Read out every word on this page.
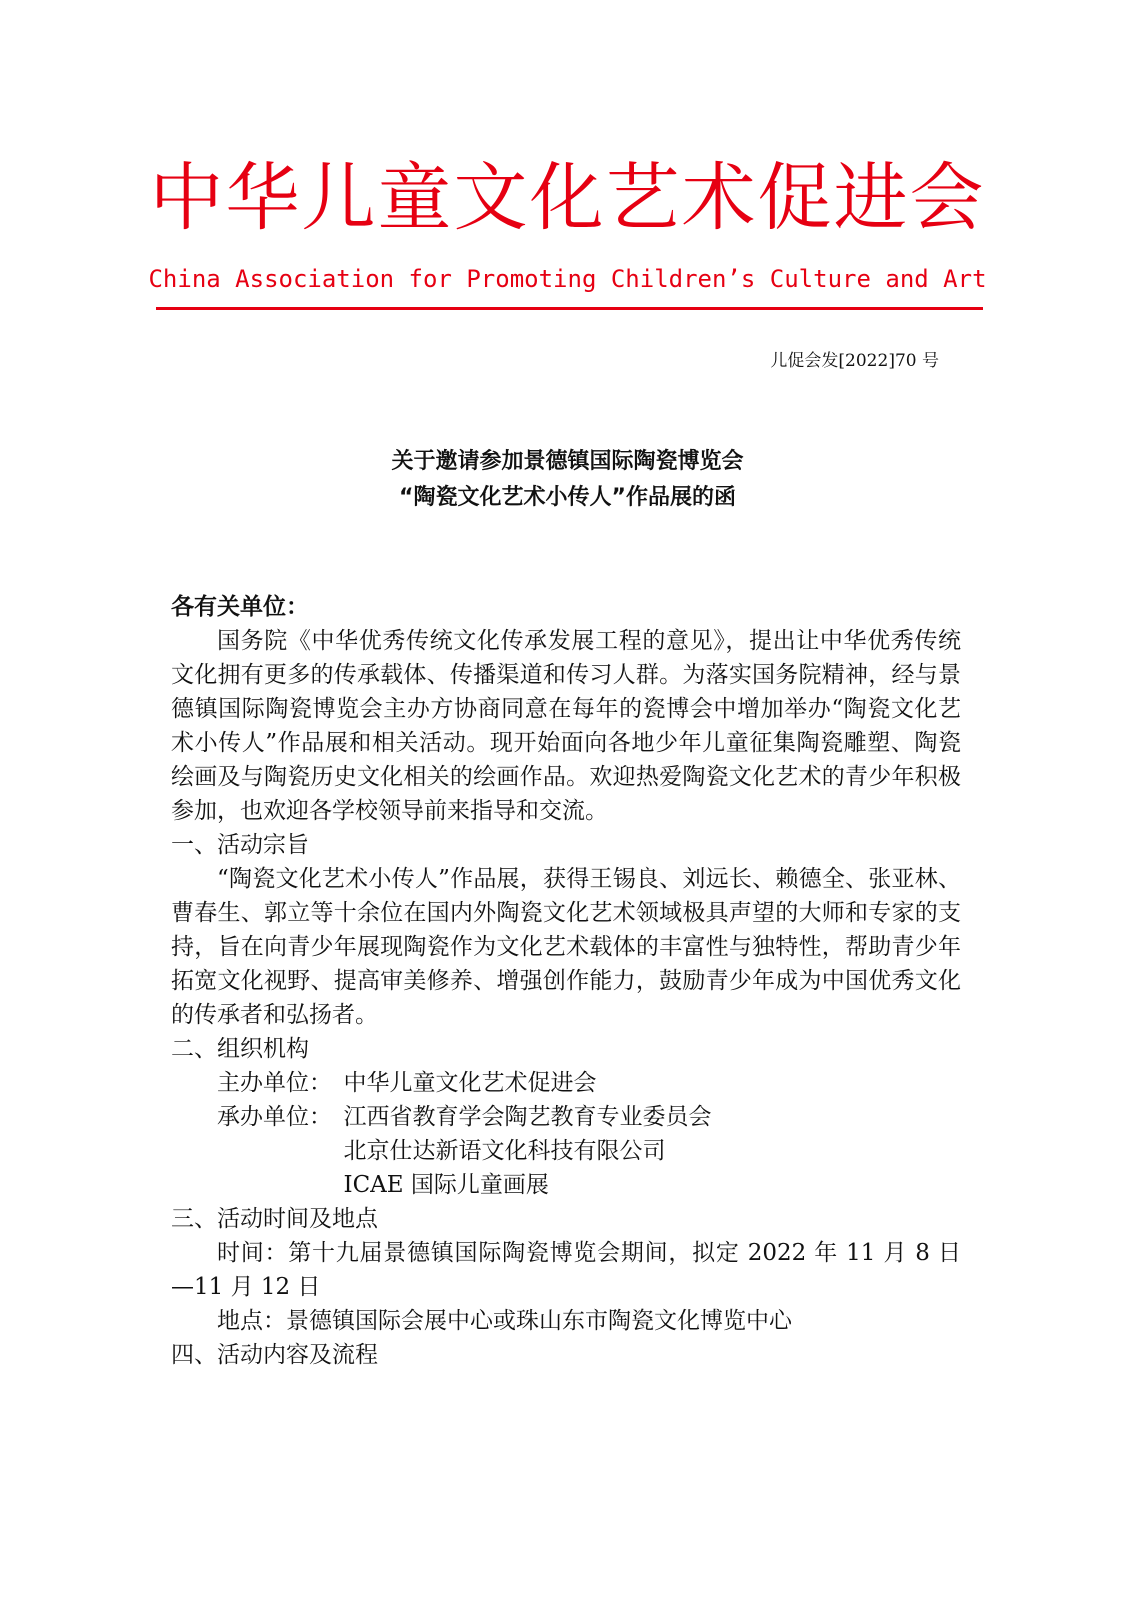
中华儿童文化艺术促进会
China Association for Promoting Children’s Culture and Art
儿促会发[2022]70 号
关于邀请参加景德镇国际陶瓷博览会
“陶瓷文化艺术小传人”作品展的函

各有关单位：

国务院《中华优秀传统文化传承发展工程的意见》，提出让中华优秀传统文化拥有更多的传承载体、传播渠道和传习人群。为落实国务院精神，经与景德镇国际陶瓷博览会主办方协商同意在每年的瓷博会中增加举办“陶瓷文化艺术小传人”作品展和相关活动。现开始面向各地少年儿童征集陶瓷雕塑、陶瓷绘画及与陶瓷历史文化相关的绘画作品。欢迎热爱陶瓷文化艺术的青少年积极参加，也欢迎各学校领导前来指导和交流。

一、活动宗旨

“陶瓷文化艺术小传人”作品展，获得王锡良、刘远长、赖德全、张亚林、曹春生、郭立等十余位在国内外陶瓷文化艺术领域极具声望的大师和专家的支持，旨在向青少年展现陶瓷作为文化艺术载体的丰富性与独特性，帮助青少年拓宽文化视野、提高审美修养、增强创作能力，鼓励青少年成为中国优秀文化的传承者和弘扬者。

二、组织机构

主办单位： 中华儿童文化艺术促进会
承办单位： 江西省教育学会陶艺教育专业委员会
北京仕达新语文化科技有限公司
ICAE 国际儿童画展

三、活动时间及地点

时间：第十九届景德镇国际陶瓷博览会期间，拟定 2022 年 11 月 8 日—11 月 12 日

地点：景德镇国际会展中心或珠山东市陶瓷文化博览中心

四、活动内容及流程
